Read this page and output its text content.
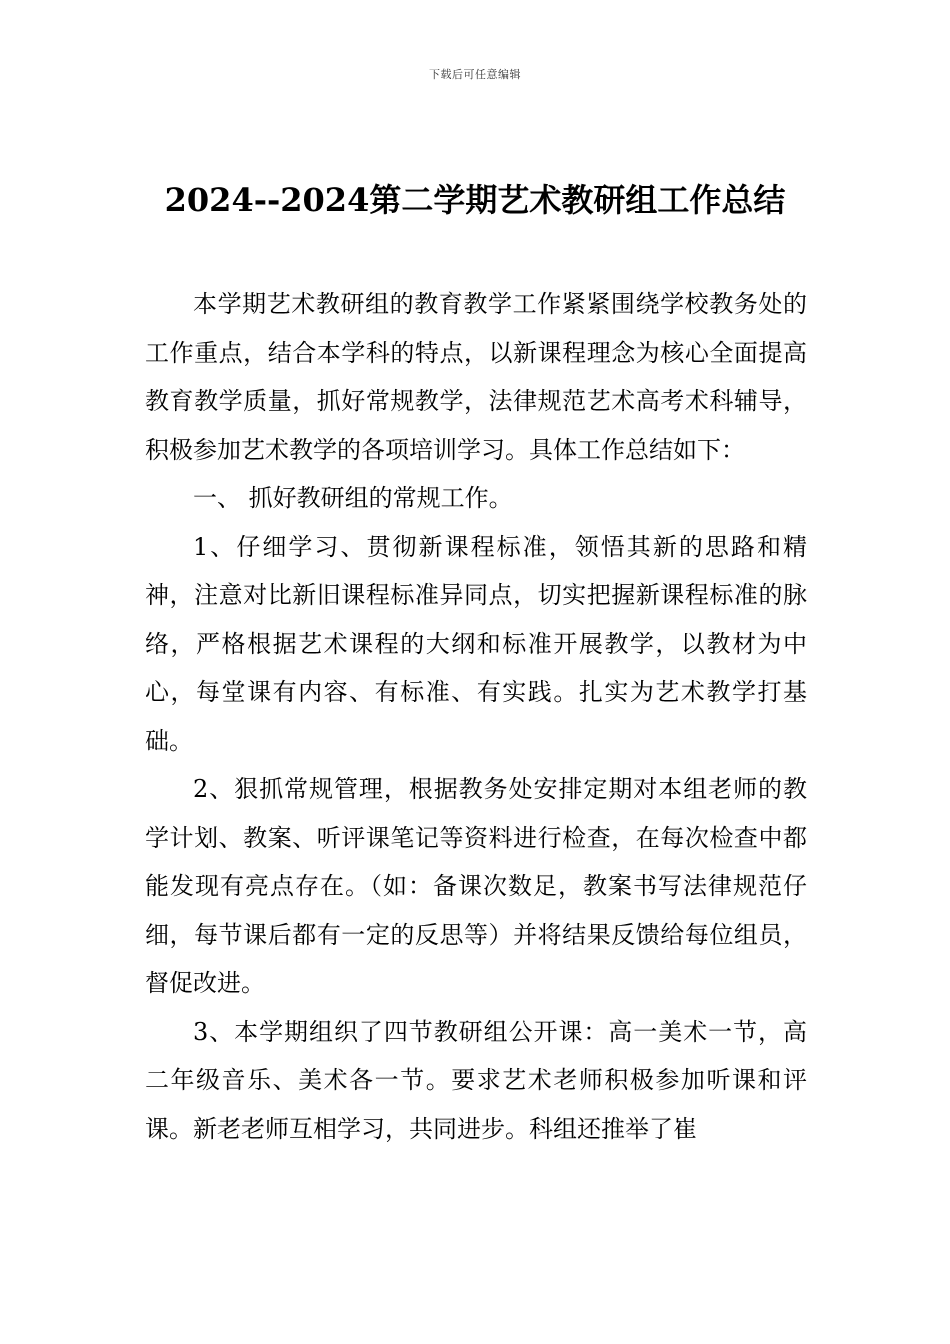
下载后可任意编辑
2024--2024第二学期艺术教研组工作总结

本学期艺术教研组的教育教学工作紧紧围绕学校教务处的工作重点，结合本学科的特点，以新课程理念为核心全面提高教育教学质量，抓好常规教学，法律规范艺术高考术科辅导，积极参加艺术教学的各项培训学习。具体工作总结如下：

一、 抓好教研组的常规工作。

1、仔细学习、贯彻新课程标准，领悟其新的思路和精神，注意对比新旧课程标准异同点，切实把握新课程标准的脉络，严格根据艺术课程的大纲和标准开展教学，以教材为中心，每堂课有内容、有标准、有实践。扎实为艺术教学打基础。

2、狠抓常规管理，根据教务处安排定期对本组老师的教学计划、教案、听评课笔记等资料进行检查，在每次检查中都能发现有亮点存在。（如：备课次数足，教案书写法律规范仔细，每节课后都有一定的反思等）并将结果反馈给每位组员，督促改进。

3、本学期组织了四节教研组公开课：高一美术一节，高二年级音乐、美术各一节。要求艺术老师积极参加听课和评课。新老老师互相学习，共同进步。科组还推举了崔
